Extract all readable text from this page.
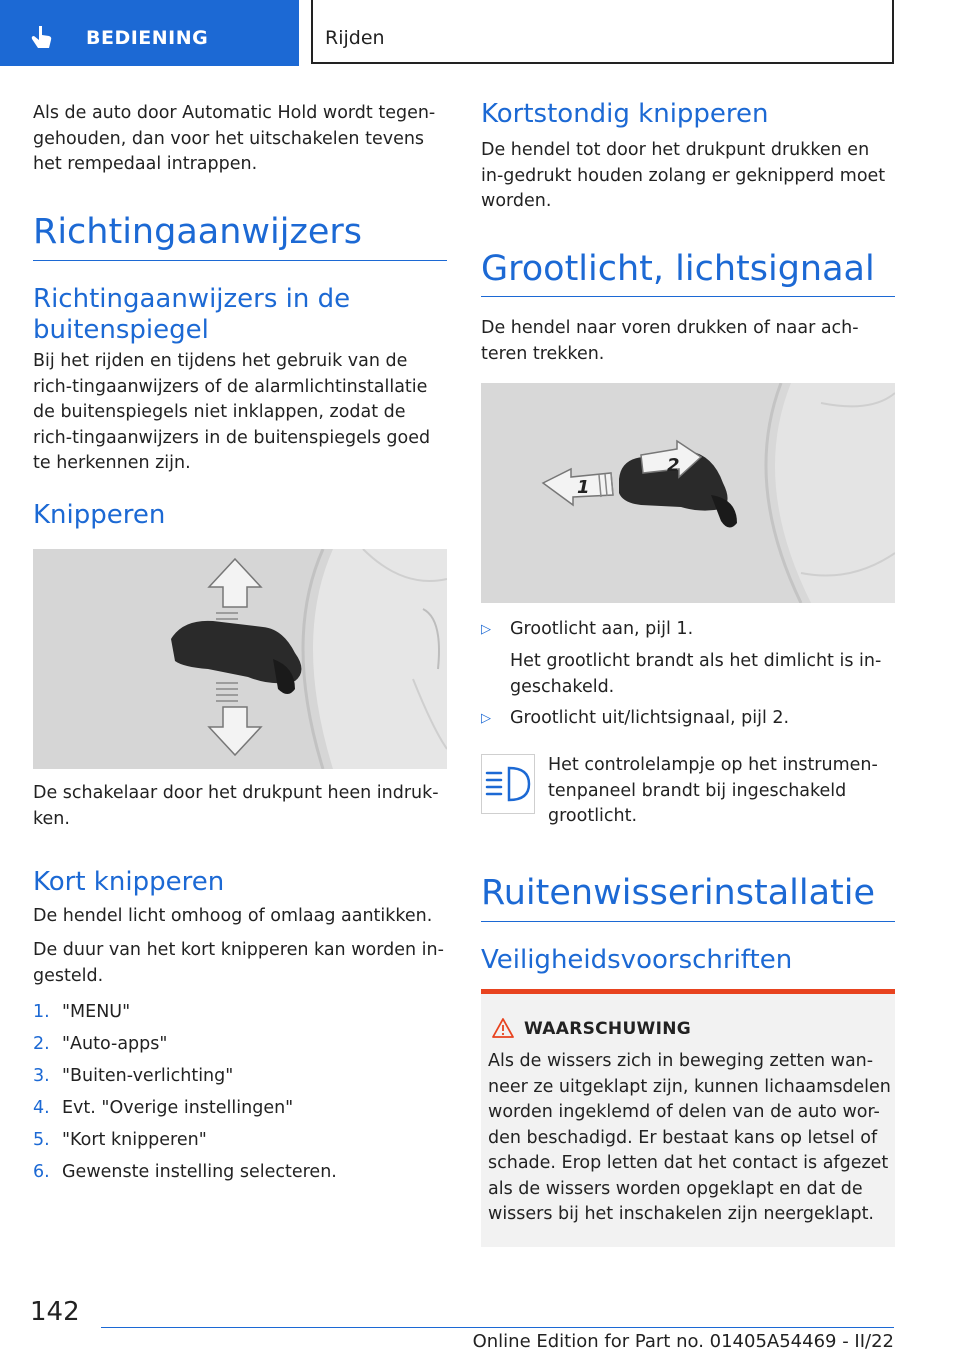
BEDIENING	Rijden

Als de auto door Automatic Hold wordt tegen-gehouden, dan voor het uitschakelen tevens het rempedaal intrappen.

Richtingaanwijzers
Richtingaanwijzers in de buitenspiegel

Bij het rijden en tijdens het gebruik van de rich-tingaanwijzers of de alarmlichtinstallatie de buitenspiegels niet inklappen, zodat de rich-tingaanwijzers in de buitenspiegels goed te herkennen zijn.

Knipperen

De schakelaar door het drukpunt heen indruk-ken.

Kort knipperen

De hendel licht omhoog of omlaag aantikken.

De duur van het kort knipperen kan worden in-gesteld.

1. "MENU"
2. "Auto-apps"
3. "Buiten-verlichting"
4. Evt. "Overige instellingen"
5. "Kort knipperen"
6. Gewenste instelling selecteren.
Kortstondig knipperen

De hendel tot door het drukpunt drukken en in-gedrukt houden zolang er geknipperd moet worden.

Grootlicht, lichtsignaal

De hendel naar voren drukken of naar ach-teren trekken.

1
2
▷ Grootlicht aan, pijl 1.

Het grootlicht brandt als het dimlicht is in-geschakeld.

▷ Grootlicht uit/lichtsignaal, pijl 2.

Het controlelampje op het instrumen-tenpaneel brandt bij ingeschakeld grootlicht.

Ruitenwisserinstallatie
Veiligheidsvoorschriften
WAARSCHUWING

Als de wissers zich in beweging zetten wan-neer ze uitgeklapt zijn, kunnen lichaamsdelen worden ingeklemd of delen van de auto wor-den beschadigd. Er bestaat kans op letsel of schade. Erop letten dat het contact is afgezet als de wissers worden opgeklapt en dat de wissers bij het inschakelen zijn neergeklapt.

142
Online Edition for Part no. 01405A54469 - II/22
